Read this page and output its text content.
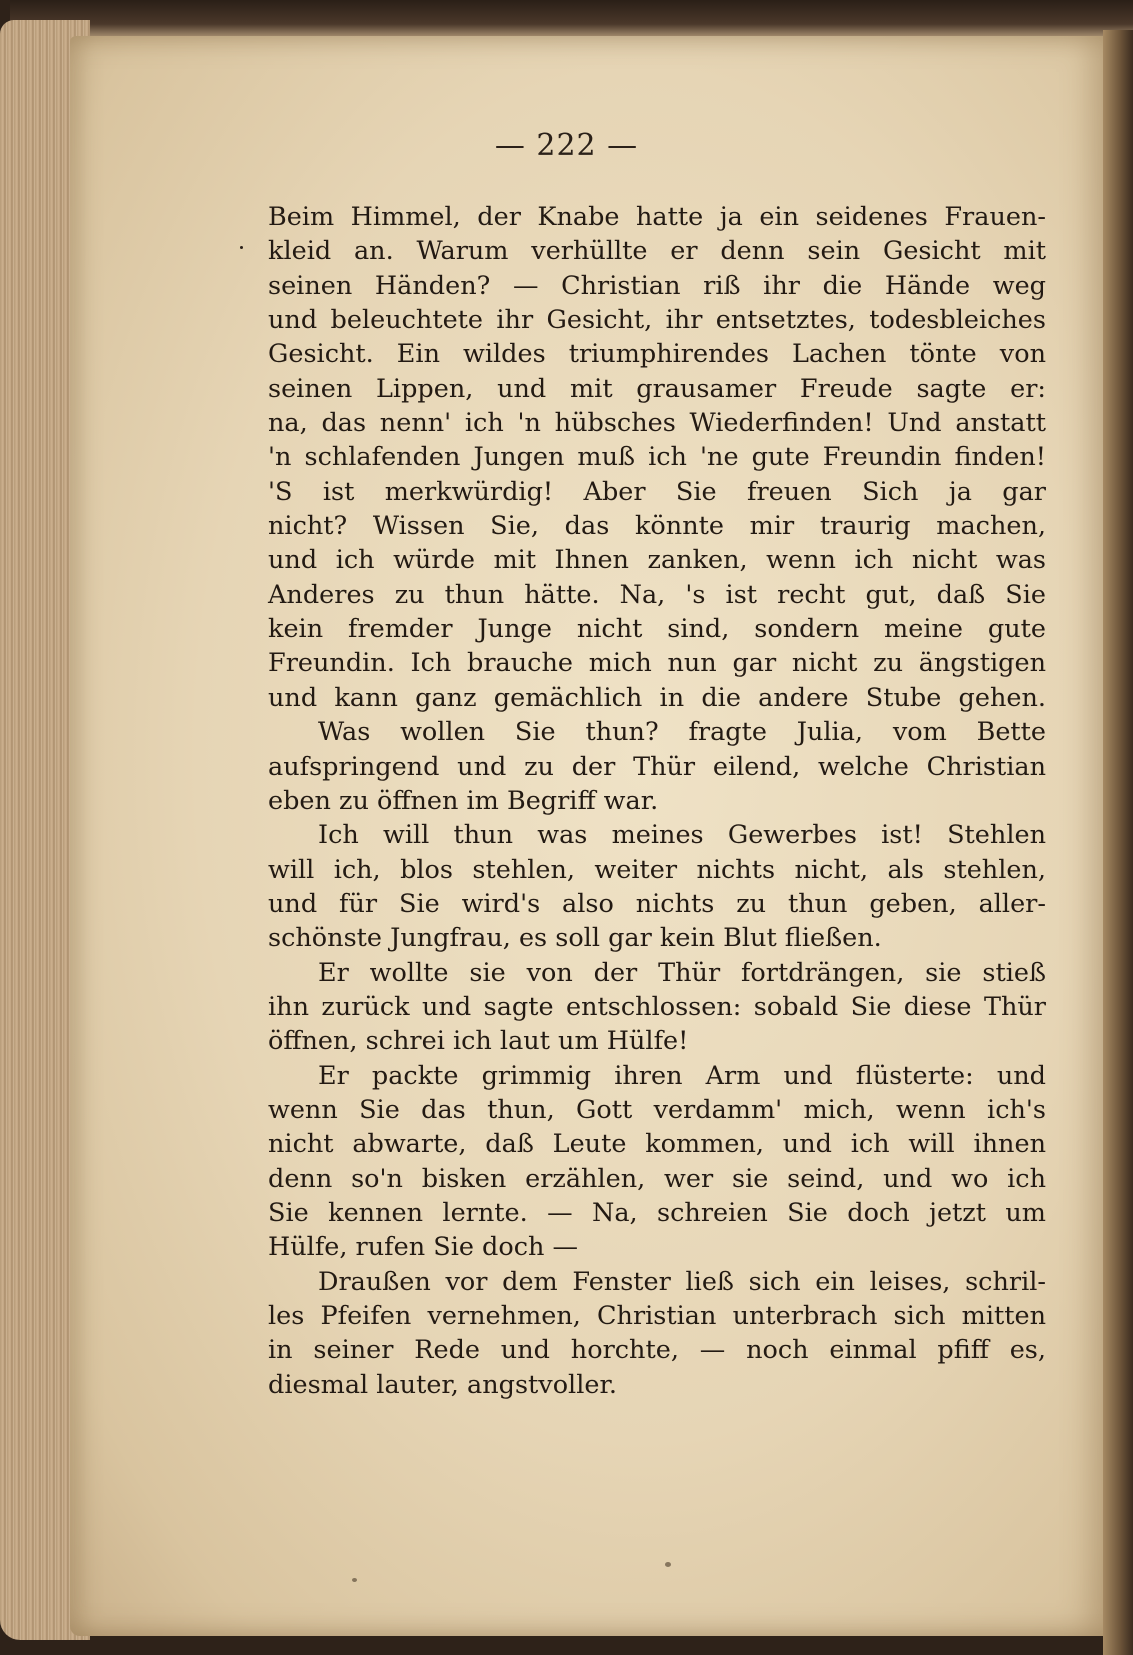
— 222 —
Beim Himmel, der Knabe hatte ja ein seidenes Frauen-
kleid an. Warum verhüllte er denn sein Gesicht mit
seinen Händen? — Christian riß ihr die Hände weg
und beleuchtete ihr Gesicht, ihr entsetztes, todesbleiches
Gesicht. Ein wildes triumphirendes Lachen tönte von
seinen Lippen, und mit grausamer Freude sagte er:
na, das nenn' ich 'n hübsches Wiederfinden! Und anstatt
'n schlafenden Jungen muß ich 'ne gute Freundin finden!
'S ist merkwürdig! Aber Sie freuen Sich ja gar
nicht? Wissen Sie, das könnte mir traurig machen,
und ich würde mit Ihnen zanken, wenn ich nicht was
Anderes zu thun hätte. Na, 's ist recht gut, daß Sie
kein fremder Junge nicht sind, sondern meine gute
Freundin. Ich brauche mich nun gar nicht zu ängstigen
und kann ganz gemächlich in die andere Stube gehen.
Was wollen Sie thun? fragte Julia, vom Bette
aufspringend und zu der Thür eilend, welche Christian
eben zu öffnen im Begriff war.
Ich will thun was meines Gewerbes ist! Stehlen
will ich, blos stehlen, weiter nichts nicht, als stehlen,
und für Sie wird's also nichts zu thun geben, aller-
schönste Jungfrau, es soll gar kein Blut fließen.
Er wollte sie von der Thür fortdrängen, sie stieß
ihn zurück und sagte entschlossen: sobald Sie diese Thür
öffnen, schrei ich laut um Hülfe!
Er packte grimmig ihren Arm und flüsterte: und
wenn Sie das thun, Gott verdamm' mich, wenn ich's
nicht abwarte, daß Leute kommen, und ich will ihnen
denn so'n bisken erzählen, wer sie seind, und wo ich
Sie kennen lernte. — Na, schreien Sie doch jetzt um
Hülfe, rufen Sie doch —
Draußen vor dem Fenster ließ sich ein leises, schril-
les Pfeifen vernehmen, Christian unterbrach sich mitten
in seiner Rede und horchte, — noch einmal pfiff es,
diesmal lauter, angstvoller.
